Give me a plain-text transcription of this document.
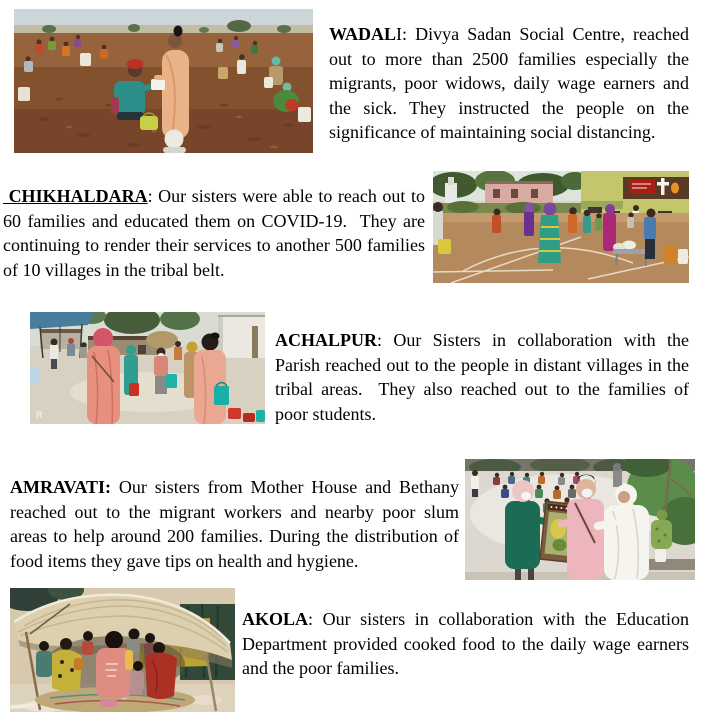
WADALI: Divya Sadan Social Centre, reached out to more than 2500 families especially the migrants, poor widows, daily wage earners and the sick. They instructed the people on the significance of maintaining social distancing.

CHIKHALDARA: Our sisters were able to reach out to 60 families and educated them on COVID-19.  They are continuing to render their services to another 500 families of 10 villages in the tribal belt.

R

ACHALPUR: Our Sisters in collaboration with the Parish reached out to the people in distant villages in the tribal areas.  They also reached out to the families of poor students.

AMRAVATI: Our sisters from Mother House and Bethany reached out to the migrant workers and nearby poor slum areas to help around 200 families. During the distribution of food items they gave tips on health and hygiene.

AKOLA: Our sisters in collaboration with the Education Department provided cooked food to the daily wage earners and the poor families.
